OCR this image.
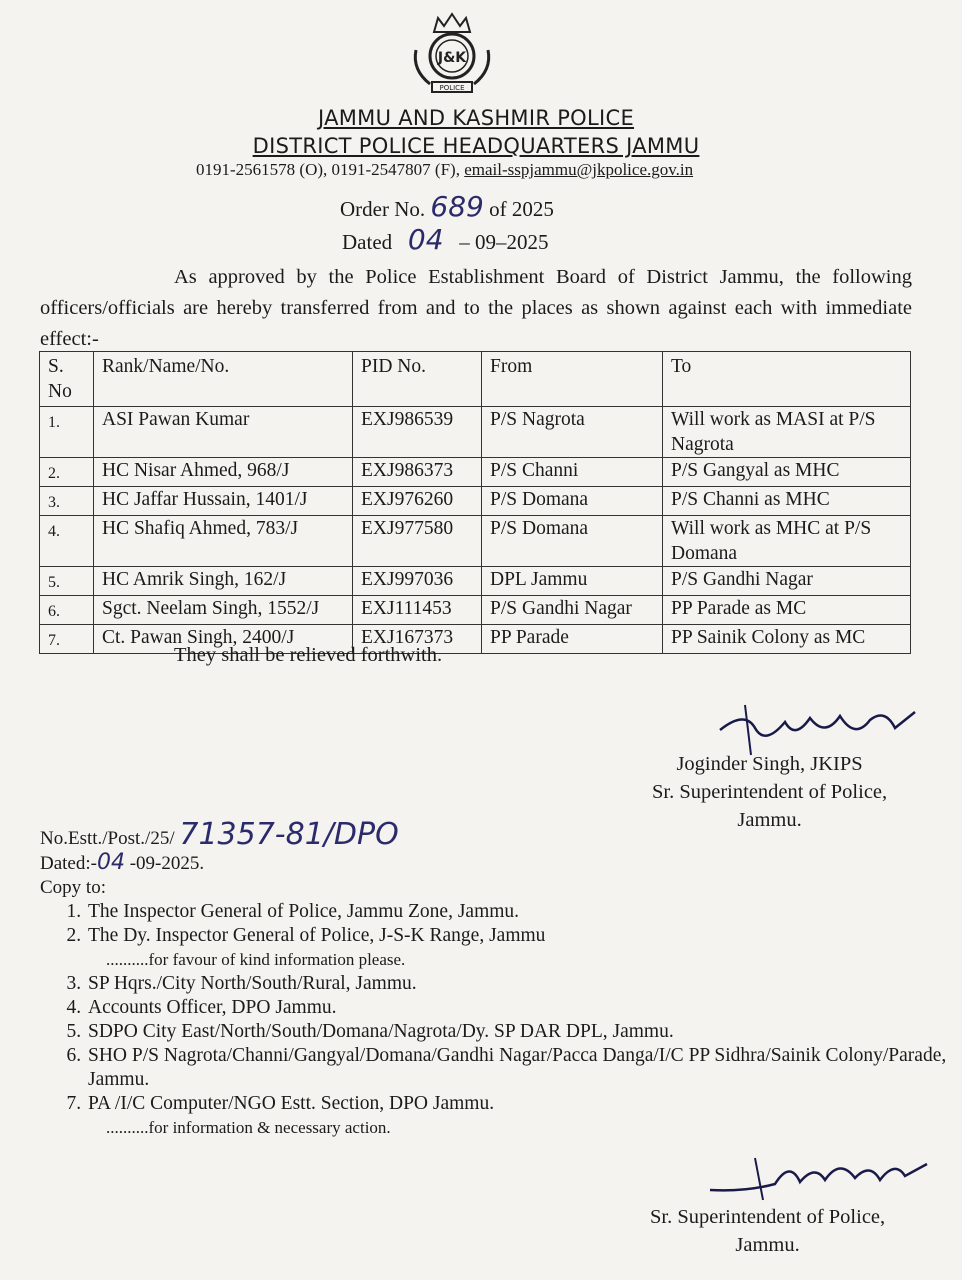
J&K
POLICE
JAMMU AND KASHMIR POLICE
DISTRICT POLICE HEADQUARTERS JAMMU
0191-2561578 (O), 0191-2547807 (F), email-sspjammu@jkpolice.gov.in
Order No. 689 of 2025
Dated 04 – 09–2025
As approved by the Police Establishment Board of District Jammu, the following officers/officials are hereby transferred from and to the places as shown against each with immediate effect:-
S. No	Rank/Name/No.	PID No.	From	To
1.	ASI Pawan Kumar	EXJ986539	P/S Nagrota	Will work as MASI at P/S Nagrota
2.	HC Nisar Ahmed, 968/J	EXJ986373	P/S Channi	P/S Gangyal as MHC
3.	HC Jaffar Hussain, 1401/J	EXJ976260	P/S Domana	P/S Channi as MHC
4.	HC Shafiq Ahmed, 783/J	EXJ977580	P/S Domana	Will work as MHC at P/S Domana
5.	HC Amrik Singh, 162/J	EXJ997036	DPL Jammu	P/S Gandhi Nagar
6.	Sgct. Neelam Singh, 1552/J	EXJ111453	P/S Gandhi Nagar	PP Parade as MC
7.	Ct. Pawan Singh, 2400/J	EXJ167373	PP Parade	PP Sainik Colony as MC
They shall be relieved forthwith.
Joginder Singh, JKIPS
Sr. Superintendent of Police,
Jammu.
No.Estt./Post./25/ 71357-81/DPO
Dated:-04 -09-2025.
Copy to:
1. The Inspector General of Police, Jammu Zone, Jammu.
2. The Dy. Inspector General of Police, J-S-K Range, Jammu
..........for favour of kind information please.
3. SP Hqrs./City North/South/Rural, Jammu.
4. Accounts Officer, DPO Jammu.
5. SDPO City East/North/South/Domana/Nagrota/Dy. SP DAR DPL, Jammu.
6. SHO P/S Nagrota/Channi/Gangyal/Domana/Gandhi Nagar/Pacca Danga/I/C PP Sidhra/Sainik Colony/Parade, Jammu.
7. PA /I/C Computer/NGO Estt. Section, DPO Jammu.
..........for information & necessary action.
Sr. Superintendent of Police,
Jammu.
